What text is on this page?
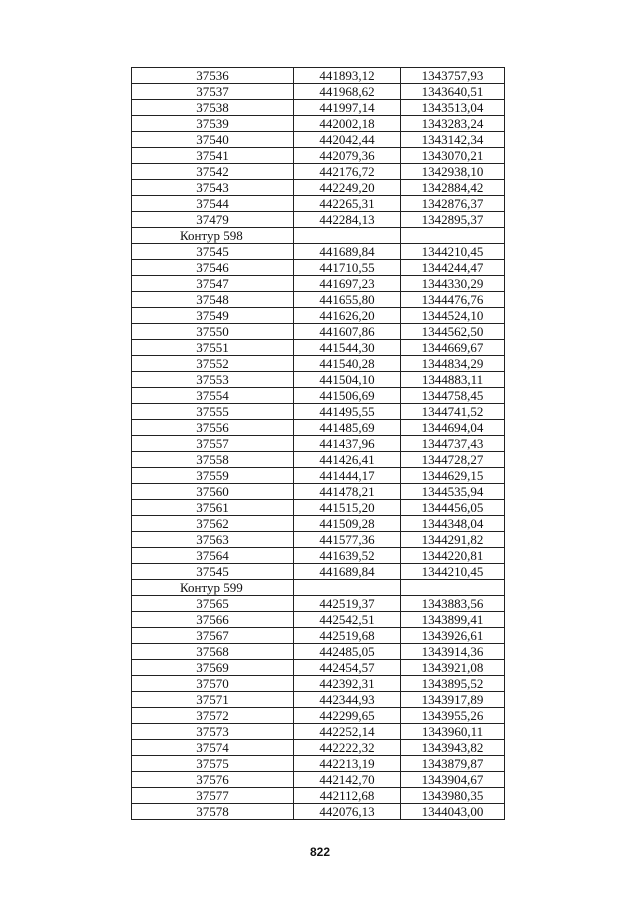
37536	441893,12	1343757,93
37537	441968,62	1343640,51
37538	441997,14	1343513,04
37539	442002,18	1343283,24
37540	442042,44	1343142,34
37541	442079,36	1343070,21
37542	442176,72	1342938,10
37543	442249,20	1342884,42
37544	442265,31	1342876,37
37479	442284,13	1342895,37
Контур 598		
37545	441689,84	1344210,45
37546	441710,55	1344244,47
37547	441697,23	1344330,29
37548	441655,80	1344476,76
37549	441626,20	1344524,10
37550	441607,86	1344562,50
37551	441544,30	1344669,67
37552	441540,28	1344834,29
37553	441504,10	1344883,11
37554	441506,69	1344758,45
37555	441495,55	1344741,52
37556	441485,69	1344694,04
37557	441437,96	1344737,43
37558	441426,41	1344728,27
37559	441444,17	1344629,15
37560	441478,21	1344535,94
37561	441515,20	1344456,05
37562	441509,28	1344348,04
37563	441577,36	1344291,82
37564	441639,52	1344220,81
37545	441689,84	1344210,45
Контур 599		
37565	442519,37	1343883,56
37566	442542,51	1343899,41
37567	442519,68	1343926,61
37568	442485,05	1343914,36
37569	442454,57	1343921,08
37570	442392,31	1343895,52
37571	442344,93	1343917,89
37572	442299,65	1343955,26
37573	442252,14	1343960,11
37574	442222,32	1343943,82
37575	442213,19	1343879,87
37576	442142,70	1343904,67
37577	442112,68	1343980,35
37578	442076,13	1344043,00
822
